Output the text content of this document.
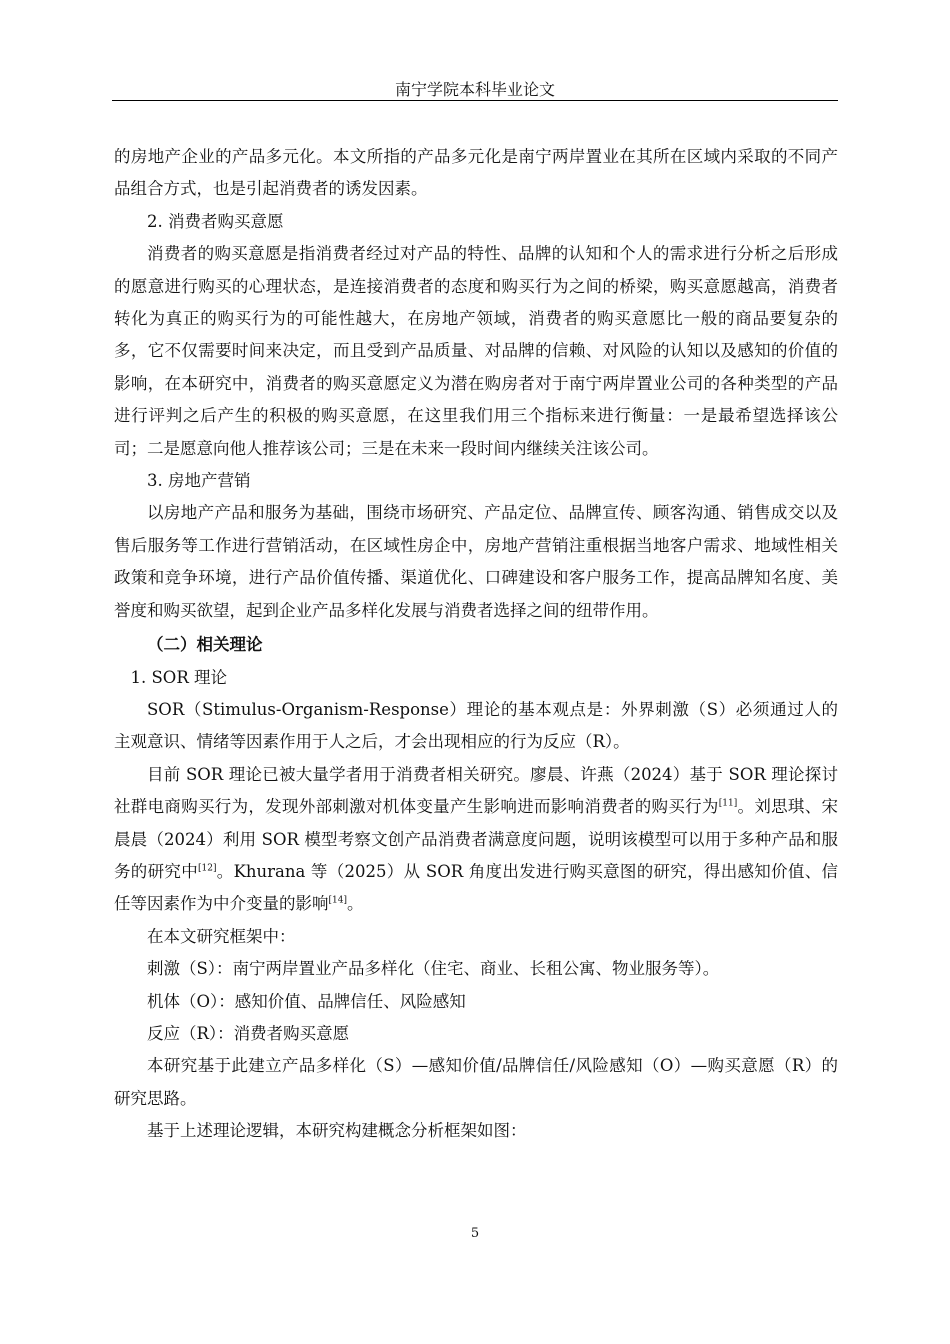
南宁学院本科毕业论文

的房地产企业的产品多元化。本文所指的产品多元化是南宁两岸置业在其所在区域内采取的不同产品组合方式，也是引起消费者的诱发因素。

2. 消费者购买意愿

消费者的购买意愿是指消费者经过对产品的特性、品牌的认知和个人的需求进行分析之后形成的愿意进行购买的心理状态，是连接消费者的态度和购买行为之间的桥梁，购买意愿越高，消费者转化为真正的购买行为的可能性越大，在房地产领域，消费者的购买意愿比一般的商品要复杂的多，它不仅需要时间来决定，而且受到产品质量、对品牌的信赖、对风险的认知以及感知的价值的影响，在本研究中，消费者的购买意愿定义为潜在购房者对于南宁两岸置业公司的各种类型的产品进行评判之后产生的积极的购买意愿，在这里我们用三个指标来进行衡量：一是最希望选择该公司；二是愿意向他人推荐该公司；三是在未来一段时间内继续关注该公司。

3. 房地产营销

以房地产产品和服务为基础，围绕市场研究、产品定位、品牌宣传、顾客沟通、销售成交以及售后服务等工作进行营销活动，在区域性房企中，房地产营销注重根据当地客户需求、地域性相关政策和竞争环境，进行产品价值传播、渠道优化、口碑建设和客户服务工作，提高品牌知名度、美誉度和购买欲望，起到企业产品多样化发展与消费者选择之间的纽带作用。

（二）相关理论

1. SOR 理论

SOR（Stimulus-Organism-Response）理论的基本观点是：外界刺激（S）必须通过人的主观意识、情绪等因素作用于人之后，才会出现相应的行为反应（R）。

目前 SOR 理论已被大量学者用于消费者相关研究。廖晨、许燕（2024）基于 SOR 理论探讨社群电商购买行为，发现外部刺激对机体变量产生影响进而影响消费者的购买行为[11]。刘思琪、宋晨晨（2024）利用 SOR 模型考察文创产品消费者满意度问题，说明该模型可以用于多种产品和服务的研究中[12]。Khurana 等（2025）从 SOR 角度出发进行购买意图的研究，得出感知价值、信任等因素作为中介变量的影响[14]。

在本文研究框架中：

刺激（S）：南宁两岸置业产品多样化（住宅、商业、长租公寓、物业服务等）。

机体（O）：感知价值、品牌信任、风险感知

反应（R）：消费者购买意愿

本研究基于此建立产品多样化（S）—感知价值/品牌信任/风险感知（O）—购买意愿（R）的研究思路。

基于上述理论逻辑，本研究构建概念分析框架如图：

5
